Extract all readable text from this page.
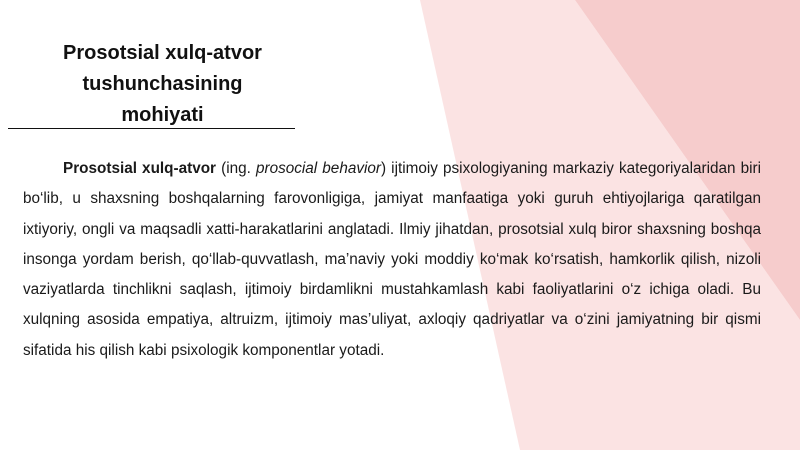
Prosotsial xulq-atvor
tushunchasining
mohiyati

Prosotsial xulq-atvor (ing. prosocial behavior) ijtimoiy psixologiyaning markaziy kategoriyalaridan biri bo‘lib, u shaxsning boshqalarning farovonligiga, jamiyat manfaatiga yoki guruh ehtiyojlariga qaratilgan ixtiyoriy, ongli va maqsadli xatti-harakatlarini anglatadi. Ilmiy jihatdan, prosotsial xulq biror shaxsning boshqa insonga yordam berish, qo‘llab-quvvatlash, ma’naviy yoki moddiy ko‘mak ko‘rsatish, hamkorlik qilish, nizoli vaziyatlarda tinchlikni saqlash, ijtimoiy birdamlikni mustahkamlash kabi faoliyatlarini o‘z ichiga oladi. Bu xulqning asosida empatiya, altruizm, ijtimoiy mas’uliyat, axloqiy qadriyatlar va o‘zini jamiyatning bir qismi sifatida his qilish kabi psixologik komponentlar yotadi.
